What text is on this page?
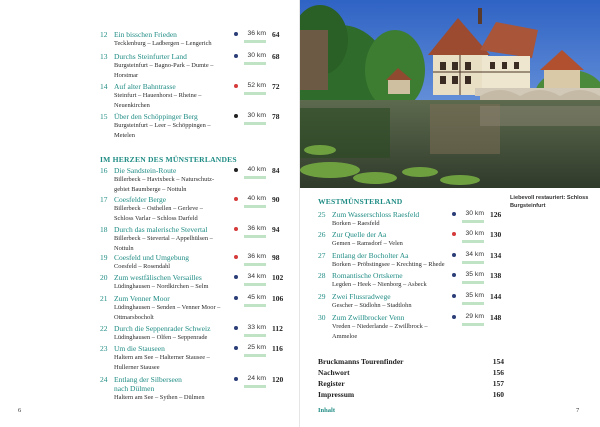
12 Ein bisschen Frieden
Tecklenburg – Ladbergen – Lengerich
36 km 64
13 Durchs Steinfurter Land
Burgsteinfurt – Bagno-Park – Dumte –
Horstmar
30 km 68
14 Auf alter Bahntrasse
Steinfurt – Hauenhorst – Rheine –
Neuenkirchen
52 km 72
15 Über den Schöppinger Berg
Burgsteinfurt – Leer – Schöppingen –
Metelen
30 km 78
IM HERZEN DES MÜNSTERLANDES
16 Die Sandstein-Route
Billerbeck – Havixbeck – Naturschutz-
gebiet Baumberge – Nottuln
40 km 84
17 Coesfelder Berge
Billerbeck – Osthellen – Gerleve –
Schloss Varlar – Schloss Darfeld
40 km 90
18 Durch das malerische Stevertal
Billerbeck – Stevertal – Appelhülsen –
Nottuln
36 km 94
19 Coesfeld und Umgebung
Coesfeld – Rosendahl
36 km 98
20 Zum westfälischen Versailles
Lüdinghausen – Nordkirchen – Selm
34 km 102
21 Zum Venner Moor
Lüdinghausen – Senden – Venner Moor –
Ottmarsbocholt
45 km 106
22 Durch die Seppenrader Schweiz
Lüdinghausen – Olfen – Seppenrade
33 km 112
23 Um die Stauseen
Haltern am See – Halterner Stausee –
Hullerner Stausee
25 km 116
24 Entlang der Silberseen
nach Dülmen
Haltern am See – Sythen – Dülmen
24 km 120
6
Liebevoll restauriert: Schloss Burgsteinfurt
WESTMÜNSTERLAND
25 Zum Wasserschloss Raesfeld
Borken – Raesfeld
30 km 126
26 Zur Quelle der Aa
Gemen – Ramsdorf – Velen
30 km 130
27 Entlang der Bocholter Aa
Borken – Pröbstingsee – Krechting – Rhede
34 km 134
28 Romantische Ortskerne
Legden – Heek – Nienborg – Asbeck
35 km 138
29 Zwei Flussradwege
Gescher – Südlohn – Stadtlohn
35 km 144
30 Zum Zwillbrocker Venn
Vreden – Niederlande – Zwillbrock –
Ammeloe
29 km 148
Bruckmanns Tourenfinder	154
Nachwort	156
Register	157
Impressum	160
Inhalt	7
